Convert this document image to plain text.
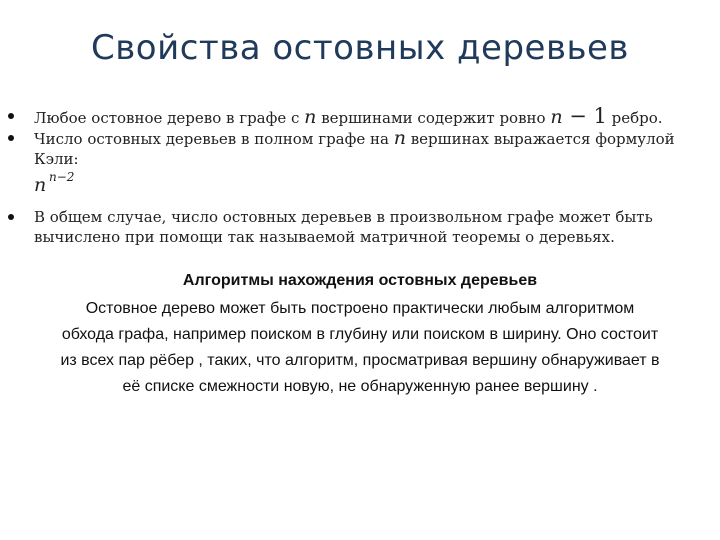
Свойства остовных деревьев
Любое остовное дерево в графе с n вершинами содержит ровно n − 1 ребро.
Число остовных деревьев в полном графе на n вершинах выражается формулой Кэли:
n n−2
В общем случае, число остовных деревьев в произвольном графе может быть вычислено при помощи так называемой матричной теоремы о деревьях.
Алгоритмы нахождения остовных деревьев
Остовное дерево может быть построено практически любым алгоритмом обхода графа, например поиском в глубину или поиском в ширину. Оно состоит из всех пар рёбер , таких, что алгоритм, просматривая вершину обнаруживает в её списке смежности новую, не обнаруженную ранее вершину .
